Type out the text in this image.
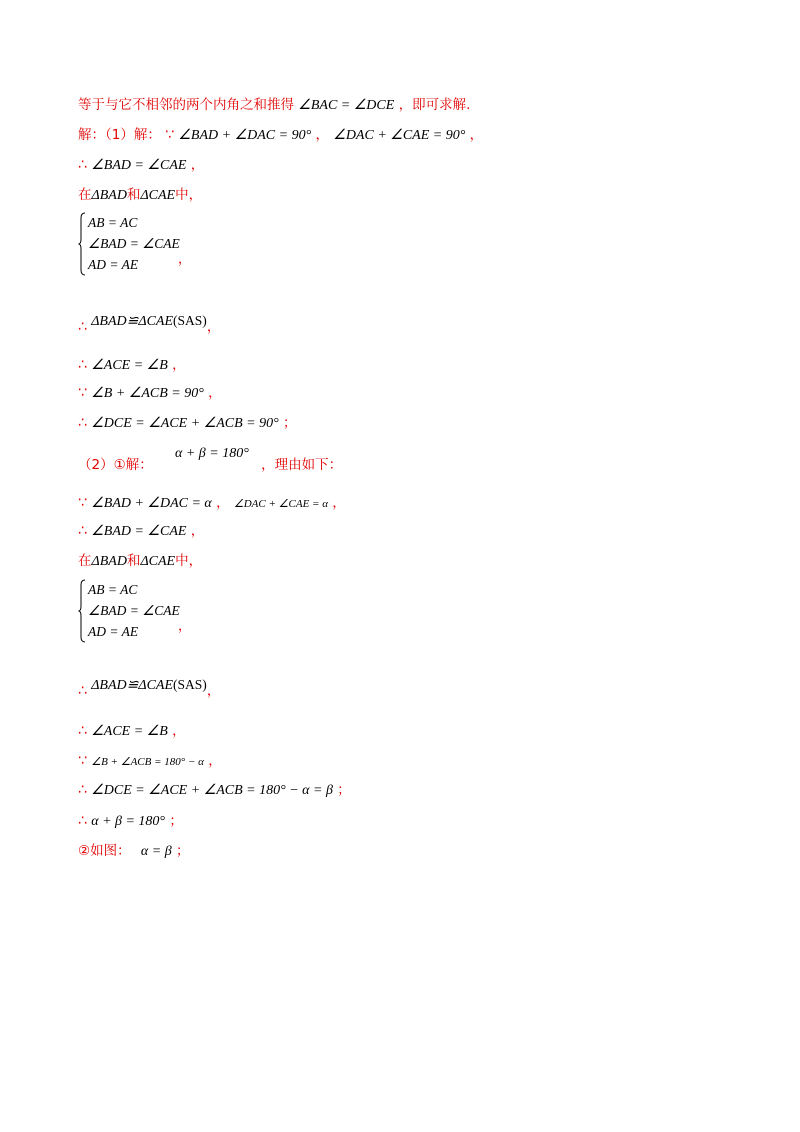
等于与它不相邻的两个内角之和推得 ∠BAC = ∠DCE ，即可求解.
解：（1）解： ∵ ∠BAD + ∠DAC = 90° ， ∠DAC + ∠CAE = 90° ，
∴ ∠BAD = ∠CAE ，
在ΔBAD和ΔCAE中，
AB = AC
∠BAD = ∠CAE
AD = AE	，
∴ ΔBAD≌ΔCAE(SAS)，
∴ ∠ACE = ∠B ，
∵ ∠B + ∠ACB = 90° ，
∴ ∠DCE = ∠ACE + ∠ACB = 90° ；
（2）①解： α + β = 180° ，理由如下：
∵ ∠BAD + ∠DAC = α ， ∠DAC + ∠CAE = α ，
∴ ∠BAD = ∠CAE ，
在ΔBAD和ΔCAE中，
AB = AC
∠BAD = ∠CAE
AD = AE	，
∴ ΔBAD≌ΔCAE(SAS)，
∴ ∠ACE = ∠B ，
∵ ∠B + ∠ACB = 180° − α ，
∴ ∠DCE = ∠ACE + ∠ACB = 180° − α = β ；
∴ α + β = 180° ；
②如图： α = β ；
